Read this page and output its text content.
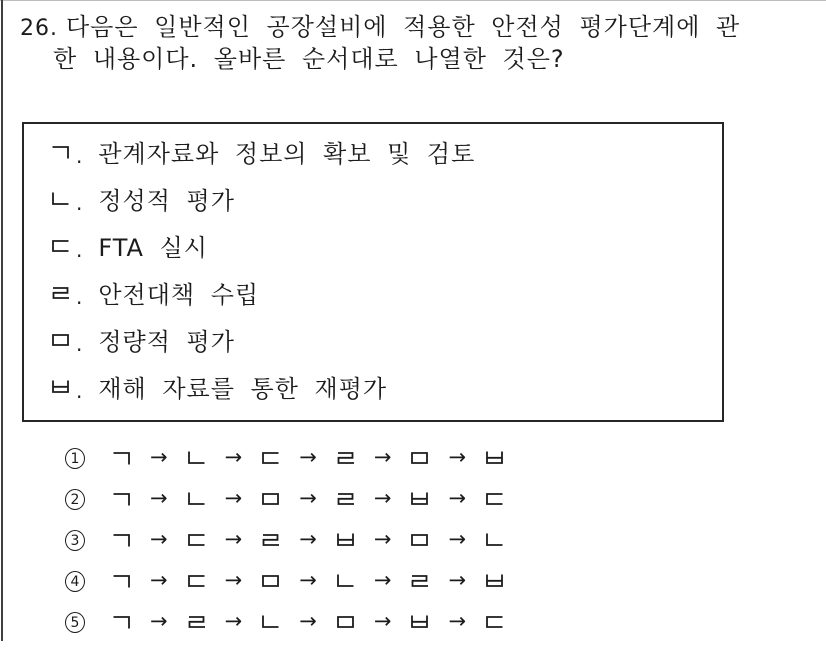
26. 다음은 일반적인 공장설비에 적용한 안전성 평가단계에 관
한 내용이다. 올바른 순서대로 나열한 것은?
. 관계자료와 정보의 확보 및 검토
. 정성적 평가
. FTA 실시
. 안전대책 수립
. 정량적 평가
. 재해 자료를 통한 재평가
1	→	→	→	→	→
2	→	→	→	→	→
3	→	→	→	→	→
4	→	→	→	→	→
5	→	→	→	→	→
